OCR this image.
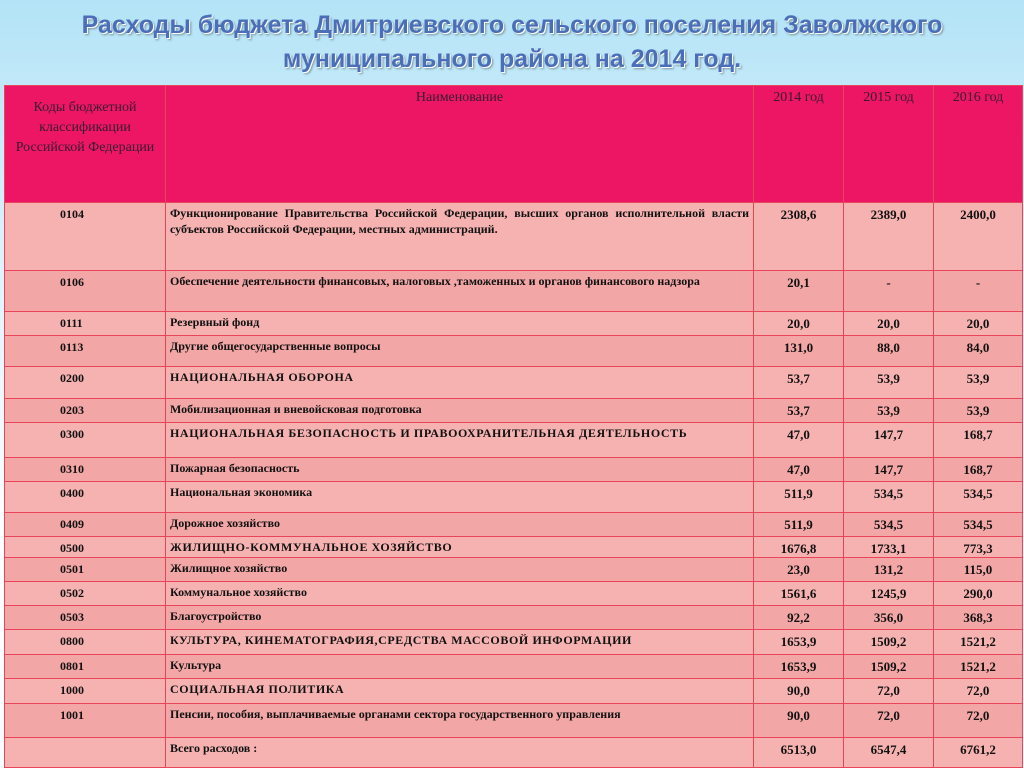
Расходы бюджета Дмитриевского сельского поселения Заволжского муниципального района на 2014 год.
Коды бюджетной классификации Российской Федерации	Наименование	2014 год	2015 год	2016 год
0104	Функционирование Правительства Российской Федерации, высших органов исполнительной власти субъектов Российской Федерации, местных администраций.	2308,6	2389,0	2400,0
0106	Обеспечение деятельности финансовых, налоговых ,таможенных и органов финансового надзора	20,1	-	-
0111	Резервный фонд	20,0	20,0	20,0
0113	Другие общегосударственные вопросы	131,0	88,0	84,0
0200	НАЦИОНАЛЬНАЯ ОБОРОНА	53,7	53,9	53,9
0203	Мобилизационная и вневойсковая подготовка	53,7	53,9	53,9
0300	НАЦИОНАЛЬНАЯ БЕЗОПАСНОСТЬ И ПРАВООХРАНИТЕЛЬНАЯ ДЕЯТЕЛЬНОСТЬ	47,0	147,7	168,7
0310	Пожарная безопасность	47,0	147,7	168,7
0400	Национальная экономика	511,9	534,5	534,5
0409	Дорожное хозяйство	511,9	534,5	534,5
0500	ЖИЛИЩНО-КОММУНАЛЬНОЕ ХОЗЯЙСТВО	1676,8	1733,1	773,3
0501	Жилищное хозяйство	23,0	131,2	115,0
0502	Коммунальное хозяйство	1561,6	1245,9	290,0
0503	Благоустройство	92,2	356,0	368,3
0800	КУЛЬТУРА, КИНЕМАТОГРАФИЯ,СРЕДСТВА МАССОВОЙ ИНФОРМАЦИИ	1653,9	1509,2	1521,2
0801	Культура	1653,9	1509,2	1521,2
1000	СОЦИАЛЬНАЯ ПОЛИТИКА	90,0	72,0	72,0
1001	Пенсии, пособия, выплачиваемые органами сектора государственного управления	90,0	72,0	72,0
	Всего расходов :	6513,0	6547,4	6761,2
